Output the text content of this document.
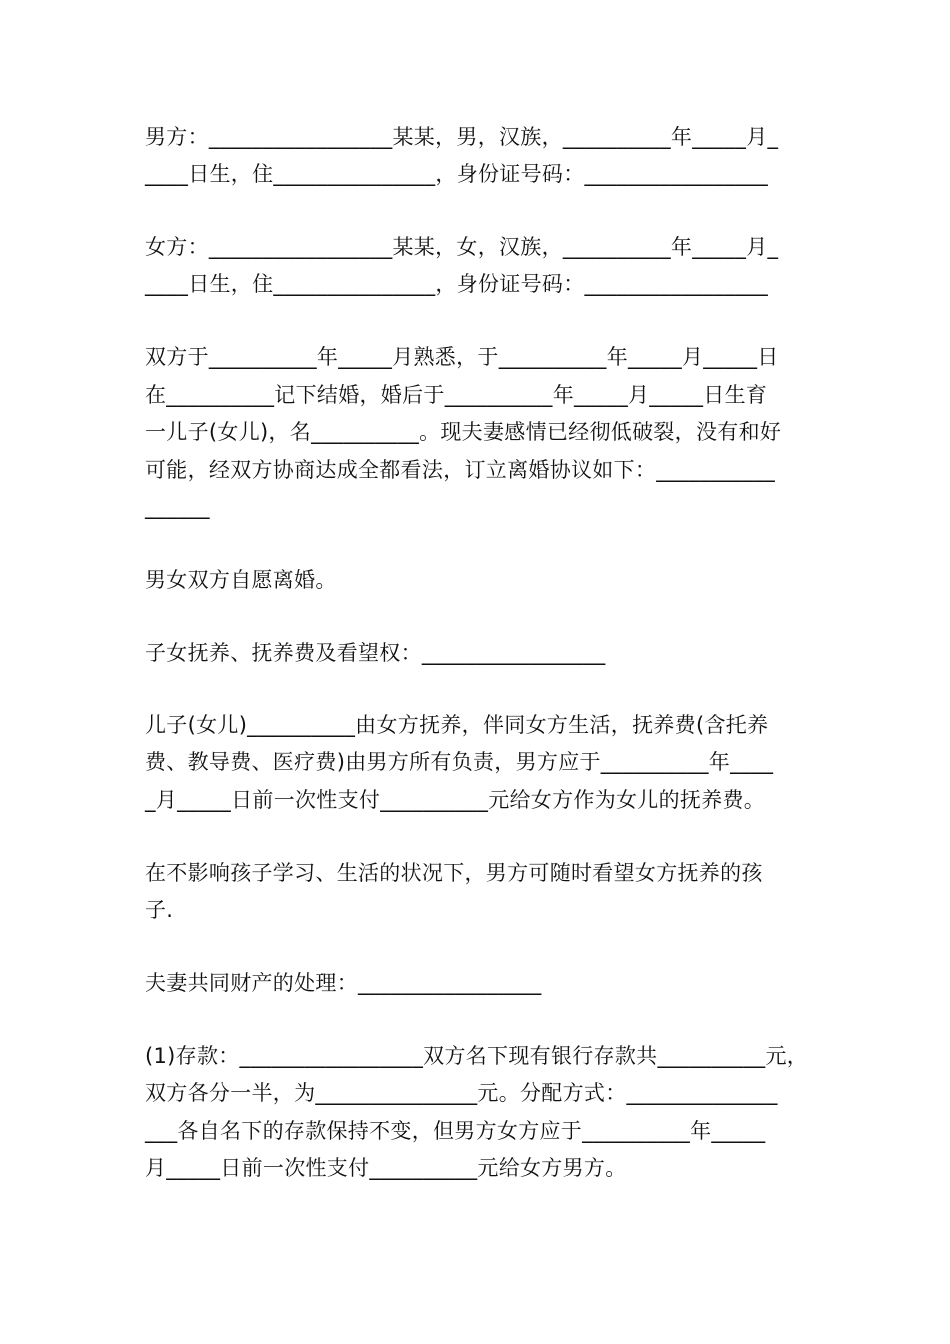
男方：_________________某某，男，汉族，__________年_____月_
____日生，住_______________，身份证号码：_________________
女方：_________________某某，女，汉族，__________年_____月_
____日生，住_______________，身份证号码：_________________
双方于__________年_____月熟悉，于__________年_____月_____日
在__________记下结婚，婚后于__________年_____月_____日生育
一儿子(女儿)，名__________。现夫妻感情已经彻低破裂，没有和好
可能，经双方协商达成全都看法，订立离婚协议如下：___________
______
男女双方自愿离婚。
子女抚养、抚养费及看望权：_________________
儿子(女儿)__________由女方抚养，伴同女方生活，抚养费(含托养
费、教导费、医疗费)由男方所有负责，男方应于__________年____
_月_____日前一次性支付__________元给女方作为女儿的抚养费。
在不影响孩子学习、生活的状况下，男方可随时看望女方抚养的孩
子.
夫妻共同财产的处理：_________________
(1)存款：_________________双方名下现有银行存款共__________元，
双方各分一半，为_______________元。分配方式：______________
___各自名下的存款保持不变，但男方女方应于__________年_____
月_____日前一次性支付__________元给女方男方。
